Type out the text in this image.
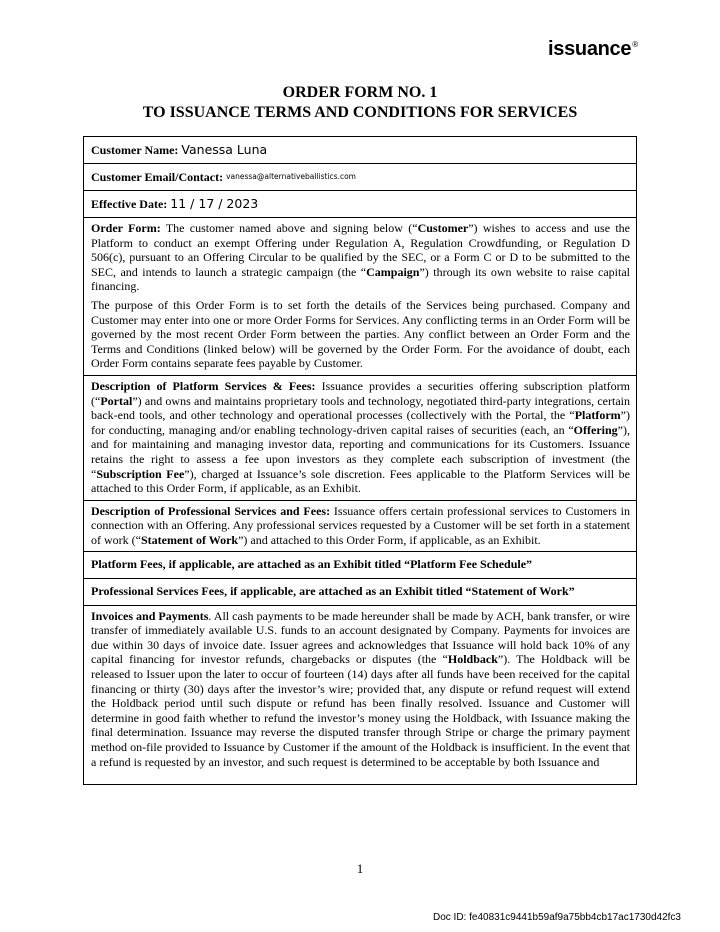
issuance®
ORDER FORM NO. 1
TO ISSUANCE TERMS AND CONDITIONS FOR SERVICES
Customer Name: Vanessa Luna
Customer Email/Contact: vanessa@alternativeballistics.com
Effective Date: 11 / 17 / 2023

Order Form: The customer named above and signing below (“Customer”) wishes to access and use the Platform to conduct an exempt Offering under Regulation A, Regulation Crowdfunding, or Regulation D 506(c), pursuant to an Offering Circular to be qualified by the SEC, or a Form C or D to be submitted to the SEC, and intends to launch a strategic campaign (the “Campaign”) through its own website to raise capital financing.

The purpose of this Order Form is to set forth the details of the Services being purchased. Company and Customer may enter into one or more Order Forms for Services. Any conflicting terms in an Order Form will be governed by the most recent Order Form between the parties. Any conflict between an Order Form and the Terms and Conditions (linked below) will be governed by the Order Form. For the avoidance of doubt, each Order Form contains separate fees payable by Customer.

Description of Platform Services & Fees: Issuance provides a securities offering subscription platform (“Portal”) and owns and maintains proprietary tools and technology, negotiated third-party integrations, certain back-end tools, and other technology and operational processes (collectively with the Portal, the “Platform”) for conducting, managing and/or enabling technology-driven capital raises of securities (each, an “Offering”), and for maintaining and managing investor data, reporting and communications for its Customers. Issuance retains the right to assess a fee upon investors as they complete each subscription of investment (the “Subscription Fee”), charged at Issuance’s sole discretion. Fees applicable to the Platform Services will be attached to this Order Form, if applicable, as an Exhibit.

Description of Professional Services and Fees: Issuance offers certain professional services to Customers in connection with an Offering. Any professional services requested by a Customer will be set forth in a statement of work (“Statement of Work”) and attached to this Order Form, if applicable, as an Exhibit.

Platform Fees, if applicable, are attached as an Exhibit titled “Platform Fee Schedule”
Professional Services Fees, if applicable, are attached as an Exhibit titled “Statement of Work”

Invoices and Payments. All cash payments to be made hereunder shall be made by ACH, bank transfer, or wire transfer of immediately available U.S. funds to an account designated by Company. Payments for invoices are due within 30 days of invoice date. Issuer agrees and acknowledges that Issuance will hold back 10% of any capital financing for investor refunds, chargebacks or disputes (the “Holdback”). The Holdback will be released to Issuer upon the later to occur of fourteen (14) days after all funds have been received for the capital financing or thirty (30) days after the investor’s wire; provided that, any dispute or refund request will extend the Holdback period until such dispute or refund has been finally resolved. Issuance and Customer will determine in good faith whether to refund the investor’s money using the Holdback, with Issuance making the final determination. Issuance may reverse the disputed transfer through Stripe or charge the primary payment method on-file provided to Issuance by Customer if the amount of the Holdback is insufficient. In the event that a refund is requested by an investor, and such request is determined to be acceptable by both Issuance and

1
Doc ID: fe40831c9441b59af9a75bb4cb17ac1730d42fc3
